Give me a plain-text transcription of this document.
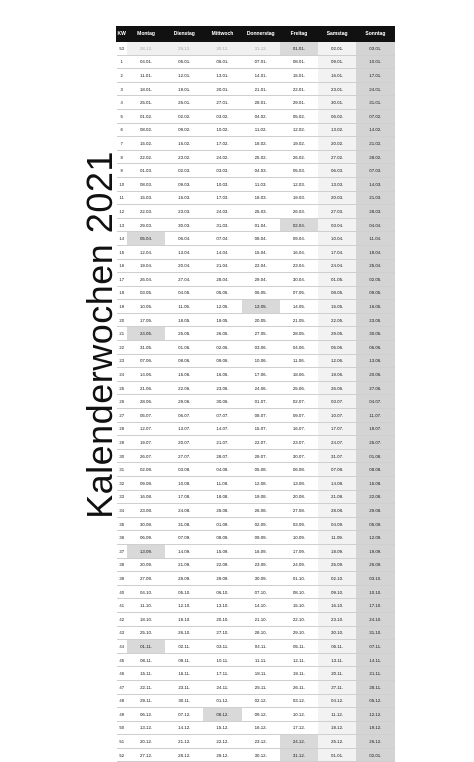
Kalenderwochen 2021
KW	Montag	Dienstag	Mittwoch	Donnerstag	Freitag	Samstag	Sonntag
53	28.12.	29.12.	30.12.	31.12.	01.01.	02.01.	03.01.
1	04.01.	05.01.	06.01.	07.01.	08.01.	09.01.	10.01.
2	11.01.	12.01.	13.01.	14.01.	15.01.	16.01.	17.01.
3	18.01.	19.01.	20.01.	21.01.	22.01.	23.01.	24.01.
4	25.01.	26.01.	27.01.	28.01.	29.01.	30.01.	31.01.
5	01.02.	02.02.	03.02.	04.02.	05.02.	06.02.	07.02.
6	08.02.	09.02.	10.02.	11.02.	12.02.	13.02.	14.02.
7	15.02.	16.02.	17.02.	18.02.	19.02.	20.02.	21.02.
8	22.02.	23.02.	24.02.	25.02.	26.02.	27.02.	28.02.
9	01.03.	02.03.	03.03.	04.03.	05.03.	06.03.	07.03.
10	08.03.	09.03.	10.03.	11.03.	12.03.	13.03.	14.03.
11	15.03.	16.03.	17.03.	18.03.	19.03.	20.03.	21.03.
12	22.03.	23.03.	24.03.	25.03.	26.03.	27.03.	28.03.
13	29.03.	30.03.	31.03.	01.04.	02.04.	03.04.	04.04.
14	05.04.	06.04.	07.04.	08.04.	09.04.	10.04.	11.04.
15	12.04.	13.04.	14.04.	15.04.	16.04.	17.04.	18.04.
16	19.04.	20.04.	21.04.	22.04.	23.04.	24.04.	25.04.
17	26.04.	27.04.	28.04.	29.04.	30.04.	01.05.	02.05.
18	03.05.	04.05.	05.05.	06.05.	07.05.	08.05.	09.05.
19	10.05.	11.05.	12.05.	13.05.	14.05.	15.05.	16.05.
20	17.05.	18.05.	19.05.	20.05.	21.05.	22.05.	23.05.
21	24.05.	25.05.	26.05.	27.05.	28.05.	29.05.	30.05.
22	31.05.	01.06.	02.06.	03.06.	04.06.	05.06.	06.06.
23	07.06.	08.06.	09.06.	10.06.	11.06.	12.06.	13.06.
24	14.06.	15.06.	16.06.	17.06.	18.06.	19.06.	20.06.
25	21.06.	22.06.	23.06.	24.06.	25.06.	26.06.	27.06.
26	28.06.	29.06.	30.06.	01.07.	02.07.	03.07.	04.07.
27	05.07.	06.07.	07.07.	08.07.	09.07.	10.07.	11.07.
28	12.07.	13.07.	14.07.	15.07.	16.07.	17.07.	18.07.
29	19.07.	20.07.	21.07.	22.07.	23.07.	24.07.	25.07.
30	26.07.	27.07.	28.07.	29.07.	30.07.	31.07.	01.08.
31	02.08.	03.08.	04.08.	05.08.	06.08.	07.08.	08.08.
32	09.08.	10.08.	11.08.	12.08.	13.08.	14.08.	15.08.
33	16.08.	17.08.	18.08.	19.08.	20.08.	21.08.	22.08.
34	23.08.	24.08.	25.08.	26.08.	27.08.	28.08.	29.08.
35	30.08.	31.08.	01.09.	02.09.	03.09.	04.09.	05.09.
36	06.09.	07.09.	08.09.	09.09.	10.09.	11.09.	12.09.
37	13.09.	14.09.	15.09.	16.09.	17.09.	18.09.	19.09.
38	20.09.	21.09.	22.09.	23.09.	24.09.	25.09.	26.09.
39	27.09.	28.09.	29.09.	30.09.	01.10.	02.10.	03.10.
40	04.10.	05.10.	06.10.	07.10.	08.10.	09.10.	10.10.
41	11.10.	12.10.	13.10.	14.10.	15.10.	16.10.	17.10.
42	18.10.	19.10.	20.10.	21.10.	22.10.	23.10.	24.10.
43	25.10.	26.10.	27.10.	28.10.	29.10.	30.10.	31.10.
44	01.11.	02.11.	03.11.	04.11.	05.11.	06.11.	07.11.
45	08.11.	09.11.	10.11.	11.11.	12.11.	13.11.	14.11.
46	15.11.	16.11.	17.11.	18.11.	19.11.	20.11.	21.11.
47	22.11.	23.11.	24.11.	25.11.	26.11.	27.11.	28.11.
48	29.11.	30.11.	01.12.	02.12.	03.12.	04.12.	05.12.
49	06.12.	07.12.	08.12.	09.12.	10.12.	11.12.	12.12.
50	13.12.	14.12.	15.12.	16.12.	17.12.	18.12.	19.12.
51	20.12.	21.12.	22.12.	23.12.	24.12.	25.12.	26.12.
52	27.12.	28.12.	29.12.	30.12.	31.12.	01.01.	02.01.
